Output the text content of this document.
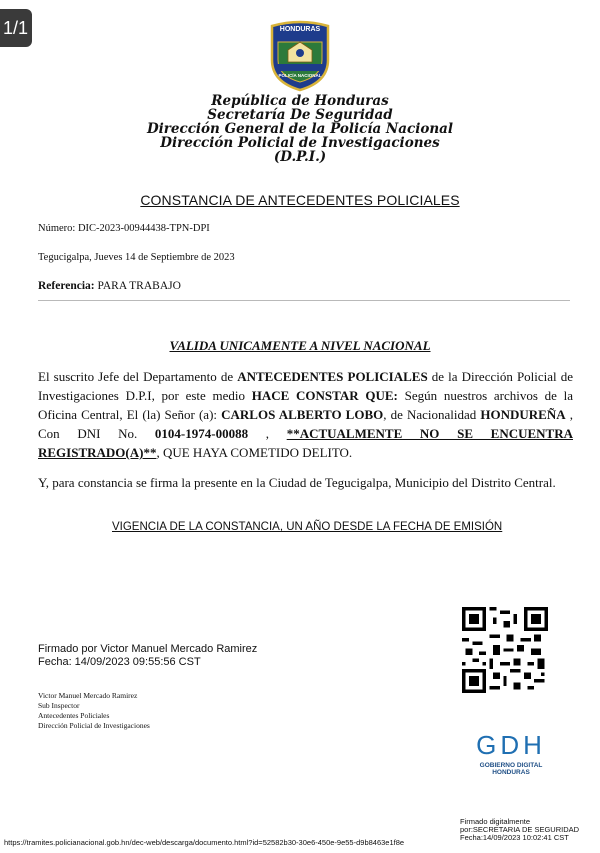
1/1	HONDURAS
POLICÍA NACIONAL
República de Honduras
Secretaría De Seguridad
Dirección General de la Policía Nacional
Dirección Policial de Investigaciones
(D.P.I.)
CONSTANCIA DE ANTECEDENTES POLICIALES
Número: DIC-2023-00944438-TPN-DPI
Tegucigalpa, Jueves 14 de Septiembre de 2023
Referencia: PARA TRABAJO
VALIDA UNICAMENTE A NIVEL NACIONAL
El suscrito Jefe del Departamento de ANTECEDENTES POLICIALES de la Dirección Policial de Investigaciones D.P.I, por este medio HACE CONSTAR QUE: Según nuestros archivos de la Oficina Central, El (la) Señor (a): CARLOS ALBERTO LOBO, de Nacionalidad HONDUREÑA , Con DNI No. 0104-1974-00088 , **ACTUALMENTE NO SE ENCUENTRA REGISTRADO(A)**, QUE HAYA COMETIDO DELITO.
Y, para constancia se firma la presente en la Ciudad de Tegucigalpa, Municipio del Distrito Central.
VIGENCIA DE LA CONSTANCIA, UN AÑO DESDE LA FECHA DE EMISIÓN
Firmado por Victor Manuel Mercado Ramirez
Fecha: 14/09/2023 09:55:56 CST
Victor Manuel Mercado Ramirez
Sub Inspector
Antecedentes Policiales
Dirección Policial de Investigaciones
GDH
GOBIERNO DIGITAL HONDURAS
Firmado digitalmente
por:SECRETARIA DE SEGURIDAD
Fecha:14/09/2023 10:02:41 CST
https://tramites.policianacional.gob.hn/dec-web/descarga/documento.html?id=52582b30-30e6-450e-9e55-d9b8463e1f8e
